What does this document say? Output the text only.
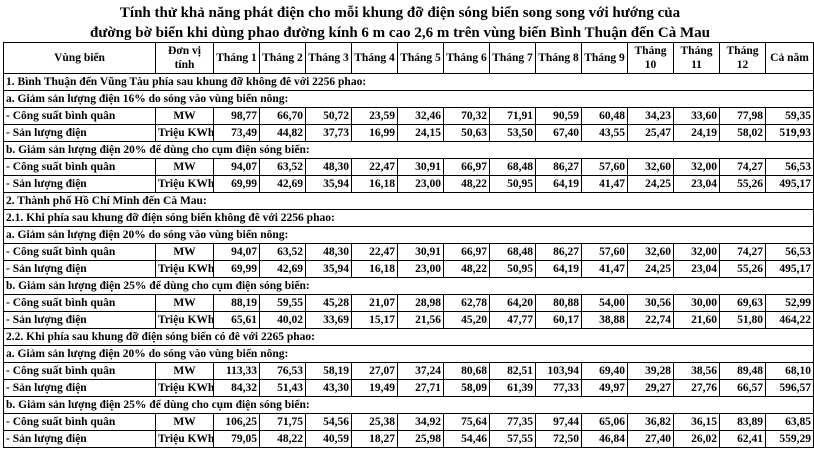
Tính thử khả năng phát điện cho mỗi khung đỡ điện sóng biển song song với hướng của
đường bờ biển khi dùng phao đường kính 6 m cao 2,6 m trên vùng biển Bình Thuận đến Cà Mau
Vùng biển	Đơn vị tính	Tháng 1	Tháng 2	Tháng 3	Tháng 4	Tháng 5	Tháng 6	Tháng 7	Tháng 8	Tháng 9	Tháng 10	Tháng 11	Tháng 12	Cả năm
1. Bình Thuận đến Vũng Tàu phía sau khung đỡ không đê với 2256 phao:														
a. Giảm sản lượng điện 16% do sóng vào vùng biển nông:														
- Công suất bình quân	MW	98,77	66,70	50,72	23,59	32,46	70,32	71,91	90,59	60,48	34,23	33,60	77,98	59,35
- Sản lượng điện	Triệu KWh	73,49	44,82	37,73	16,99	24,15	50,63	53,50	67,40	43,55	25,47	24,19	58,02	519,93
b. Giảm sản lượng điện 20% để dùng cho cụm điện sóng biển:														
- Công suất bình quân	MW	94,07	63,52	48,30	22,47	30,91	66,97	68,48	86,27	57,60	32,60	32,00	74,27	56,53
- Sản lượng điện	Triệu KWh	69,99	42,69	35,94	16,18	23,00	48,22	50,95	64,19	41,47	24,25	23,04	55,26	495,17
2. Thành phố Hồ Chí Minh đến Cà Mau:														
2.1. Khi phía sau khung đỡ điện sóng biển không đê với 2256 phao:														
a. Giảm sản lượng điện 20% do sóng vào vùng biển nông:														
- Công suất bình quân	MW	94,07	63,52	48,30	22,47	30,91	66,97	68,48	86,27	57,60	32,60	32,00	74,27	56,53
- Sản lượng điện	Triệu KWh	69,99	42,69	35,94	16,18	23,00	48,22	50,95	64,19	41,47	24,25	23,04	55,26	495,17
b. Giảm sản lượng điện 25% để dùng cho cụm điện sóng biển:														
- Công suất bình quân	MW	88,19	59,55	45,28	21,07	28,98	62,78	64,20	80,88	54,00	30,56	30,00	69,63	52,99
- Sản lượng điện	Triệu KWh	65,61	40,02	33,69	15,17	21,56	45,20	47,77	60,17	38,88	22,74	21,60	51,80	464,22
2.2. Khi phía sau khung đỡ điện sóng biển có đê với 2265 phao:														
a. Giảm sản lượng điện 20% do sóng vào vùng biển nông:														
- Công suất bình quân	MW	113,33	76,53	58,19	27,07	37,24	80,68	82,51	103,94	69,40	39,28	38,56	89,48	68,10
- Sản lượng điện	Triệu KWh	84,32	51,43	43,30	19,49	27,71	58,09	61,39	77,33	49,97	29,27	27,76	66,57	596,57
b. Giảm sản lượng điện 25% để dùng cho cụm điện sóng biển:														
- Công suất bình quân	MW	106,25	71,75	54,56	25,38	34,92	75,64	77,35	97,44	65,06	36,82	36,15	83,89	63,85
- Sản lượng điện	Triệu KWh	79,05	48,22	40,59	18,27	25,98	54,46	57,55	72,50	46,84	27,40	26,02	62,41	559,29
